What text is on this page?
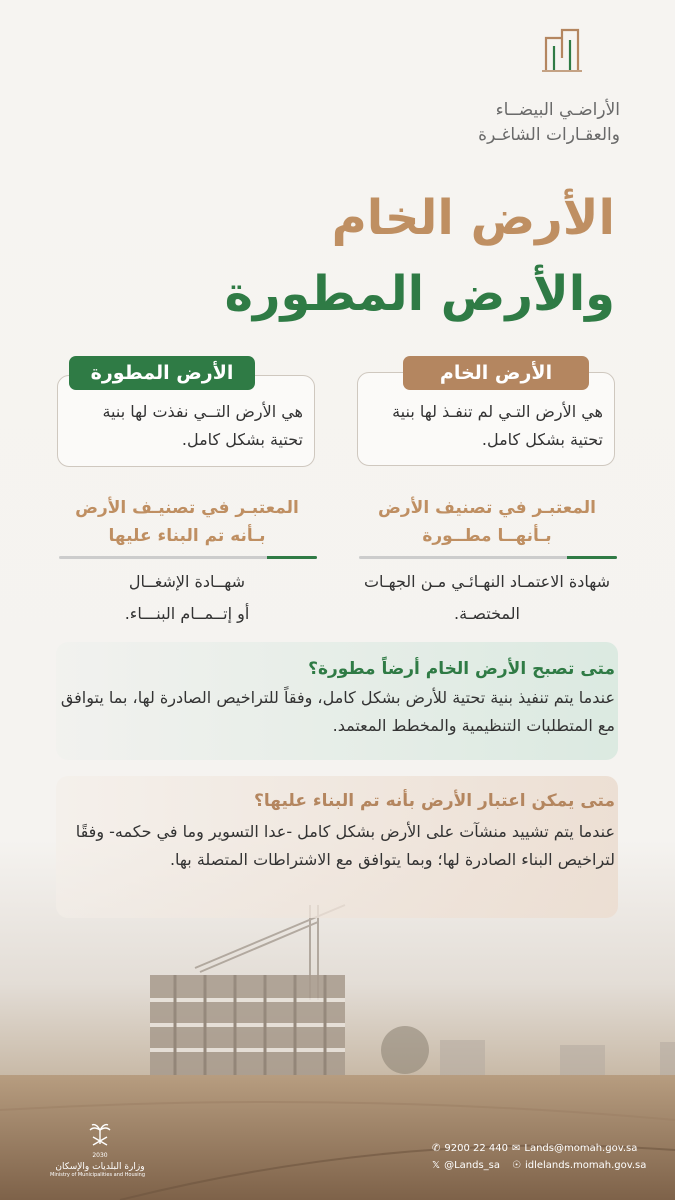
الأراضـي البيضــاء
والعقـارات الشاغـرة
الأرض الخام
والأرض المطورة
الأرض الخام
هي الأرض التـي لم تنفـذ لها بنية تحتية بشكل كامل.
الأرض المطورة
هي الأرض التــي نفذت لها بنية تحتية بشكل كامل.
المعتبـر في تصنيف الأرض بـأنهــا مطــورة
المعتبـر في تصنيـف الأرض بـأنه تم البناء عليها
شهادة الاعتمـاد النهـائـي مـن الجهـات المختصـة.
شهــادة الإشغــال
أو إتــمــام البنـــاء.
متى تصبح الأرض الخام أرضاً مطورة؟
عندما يتم تنفيذ بنية تحتية للأرض بشكل كامل، وفقاً للتراخيص الصادرة لها، بما يتوافق مع المتطلبات التنظيمية والمخطط المعتمد.
متى يمكن اعتبار الأرض بأنه تم البناء عليها؟
عندما يتم تشييد منشآت على الأرض بشكل كامل -عدا التسوير وما في حكمه- وفقًا لتراخيص البناء الصادرة لها؛ وبما يتوافق مع الاشتراطات المتصلة بها.
✆ 9200 22 440 ✉ Lands@momah.gov.sa
𝕏 @Lands_sa ☉ idlelands.momah.gov.sa
2030
وزارة البلديات والإسكان
Ministry of Municipalities and Housing
